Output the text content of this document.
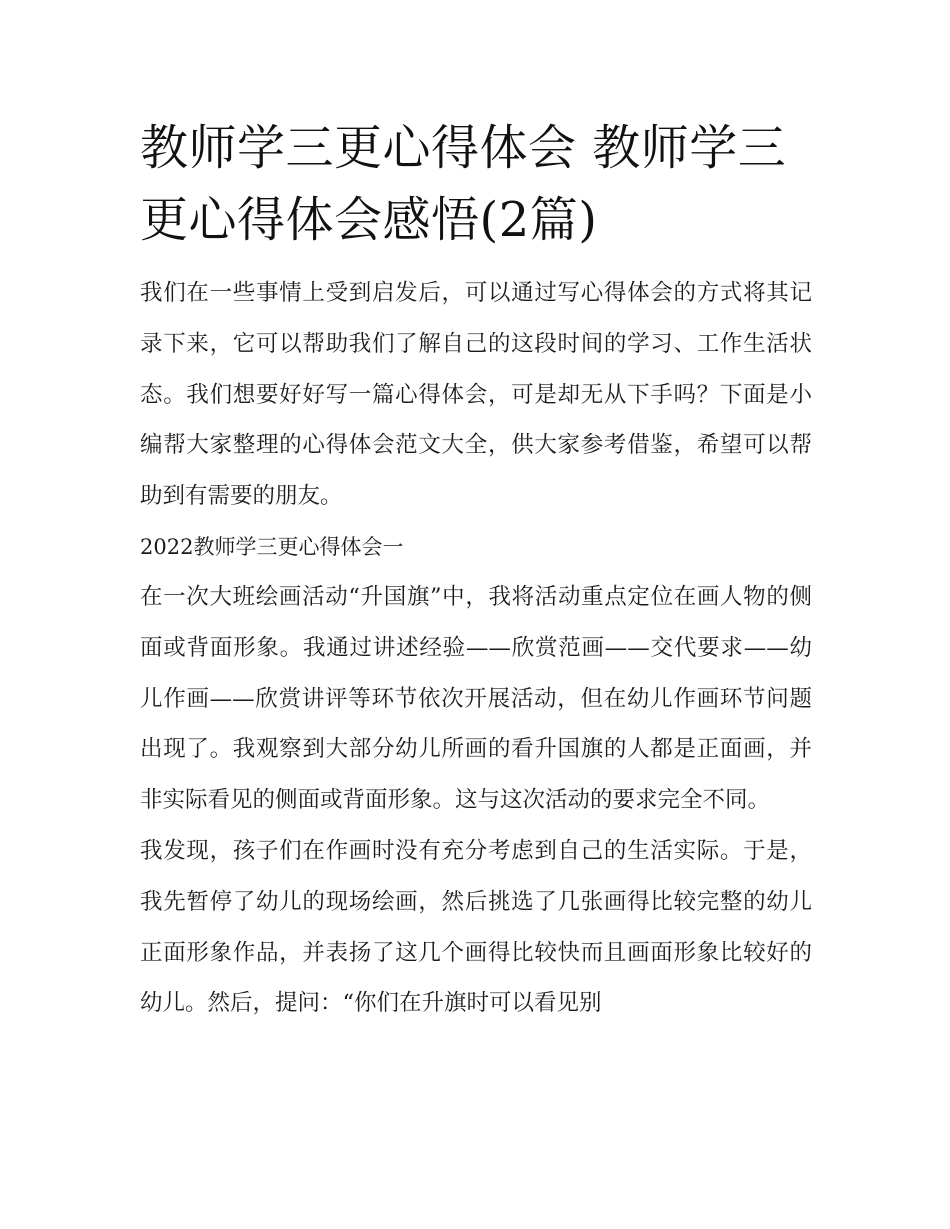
教师学三更心得体会 教师学三更心得体会感悟(2篇)

我们在一些事情上受到启发后，可以通过写心得体会的方式将其记录下来，它可以帮助我们了解自己的这段时间的学习、工作生活状态。我们想要好好写一篇心得体会，可是却无从下手吗？下面是小编帮大家整理的心得体会范文大全，供大家参考借鉴，希望可以帮助到有需要的朋友。

2022教师学三更心得体会一

在一次大班绘画活动“升国旗”中，我将活动重点定位在画人物的侧面或背面形象。我通过讲述经验——欣赏范画——交代要求——幼儿作画——欣赏讲评等环节依次开展活动，但在幼儿作画环节问题出现了。我观察到大部分幼儿所画的看升国旗的人都是正面画，并非实际看见的侧面或背面形象。这与这次活动的要求完全不同。

我发现，孩子们在作画时没有充分考虑到自己的生活实际。于是，我先暂停了幼儿的现场绘画，然后挑选了几张画得比较完整的幼儿正面形象作品，并表扬了这几个画得比较快而且画面形象比较好的幼儿。然后，提问：“你们在升旗时可以看见别
